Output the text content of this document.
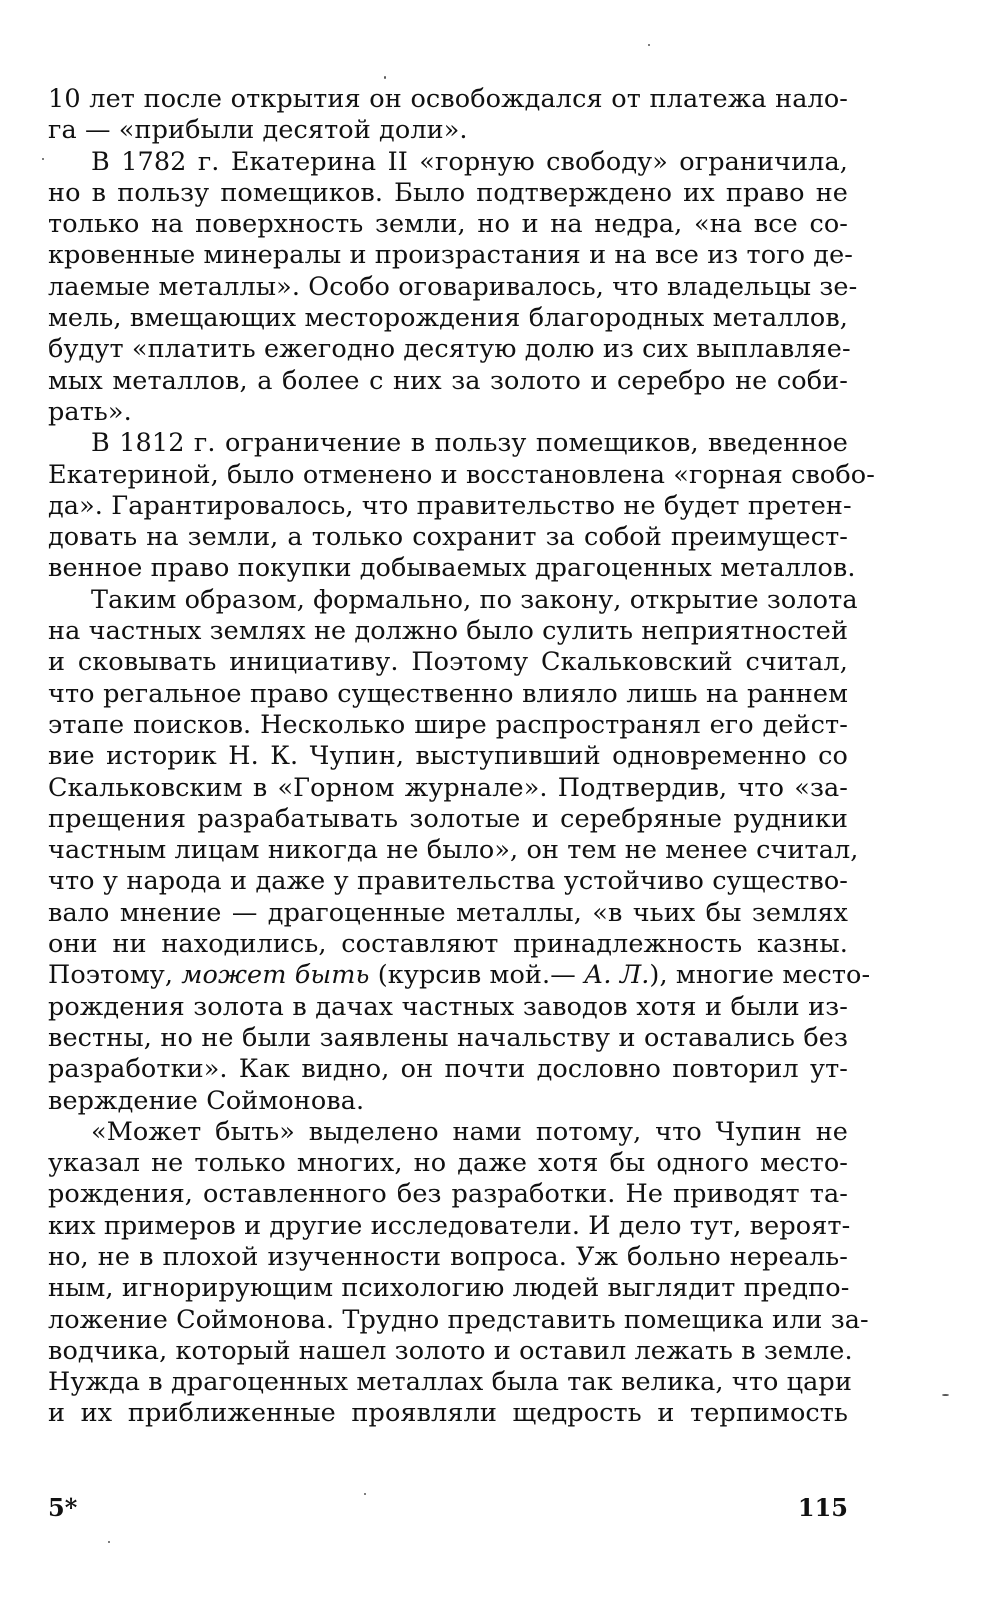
10 лет после открытия он освобождался от платежа нало-
га — «прибыли десятой доли».
В 1782 г. Екатерина II «горную свободу» ограничила,
но в пользу помещиков. Было подтверждено их право не
только на поверхность земли, но и на недра, «на все со-
кровенные минералы и произрастания и на все из того де-
лаемые металлы». Особо оговаривалось, что владельцы зе-
мель, вмещающих месторождения благородных металлов,
будут «платить ежегодно десятую долю из сих выплавляе-
мых металлов, а более с них за золото и серебро не соби-
рать».
В 1812 г. ограничение в пользу помещиков, введенное
Екатериной, было отменено и восстановлена «горная свобо-
да». Гарантировалось, что правительство не будет претен-
довать на земли, а только сохранит за собой преимущест-
венное право покупки добываемых драгоценных металлов.
Таким образом, формально, по закону, открытие золота
на частных землях не должно было сулить неприятностей
и сковывать инициативу. Поэтому Скальковский считал,
что регальное право существенно влияло лишь на раннем
этапе поисков. Несколько шире распространял его дейст-
вие историк Н. К. Чупин, выступивший одновременно со
Скальковским в «Горном журнале». Подтвердив, что «за-
прещения разрабатывать золотые и серебряные рудники
частным лицам никогда не было», он тем не менее считал,
что у народа и даже у правительства устойчиво существо-
вало мнение — драгоценные металлы, «в чьих бы землях
они ни находились, составляют принадлежность казны.
Поэтому, может быть (курсив мой.— А. Л.), многие место-
рождения золота в дачах частных заводов хотя и были из-
вестны, но не были заявлены начальству и оставались без
разработки». Как видно, он почти дословно повторил ут-
верждение Соймонова.
«Может быть» выделено нами потому, что Чупин не
указал не только многих, но даже хотя бы одного место-
рождения, оставленного без разработки. Не приводят та-
ких примеров и другие исследователи. И дело тут, вероят-
но, не в плохой изученности вопроса. Уж больно нереаль-
ным, игнорирующим психологию людей выглядит предпо-
ложение Соймонова. Трудно представить помещика или за-
водчика, который нашел золото и оставил лежать в земле.
Нужда в драгоценных металлах была так велика, что цари
и их приближенные проявляли щедрость и терпимость
5*	115
